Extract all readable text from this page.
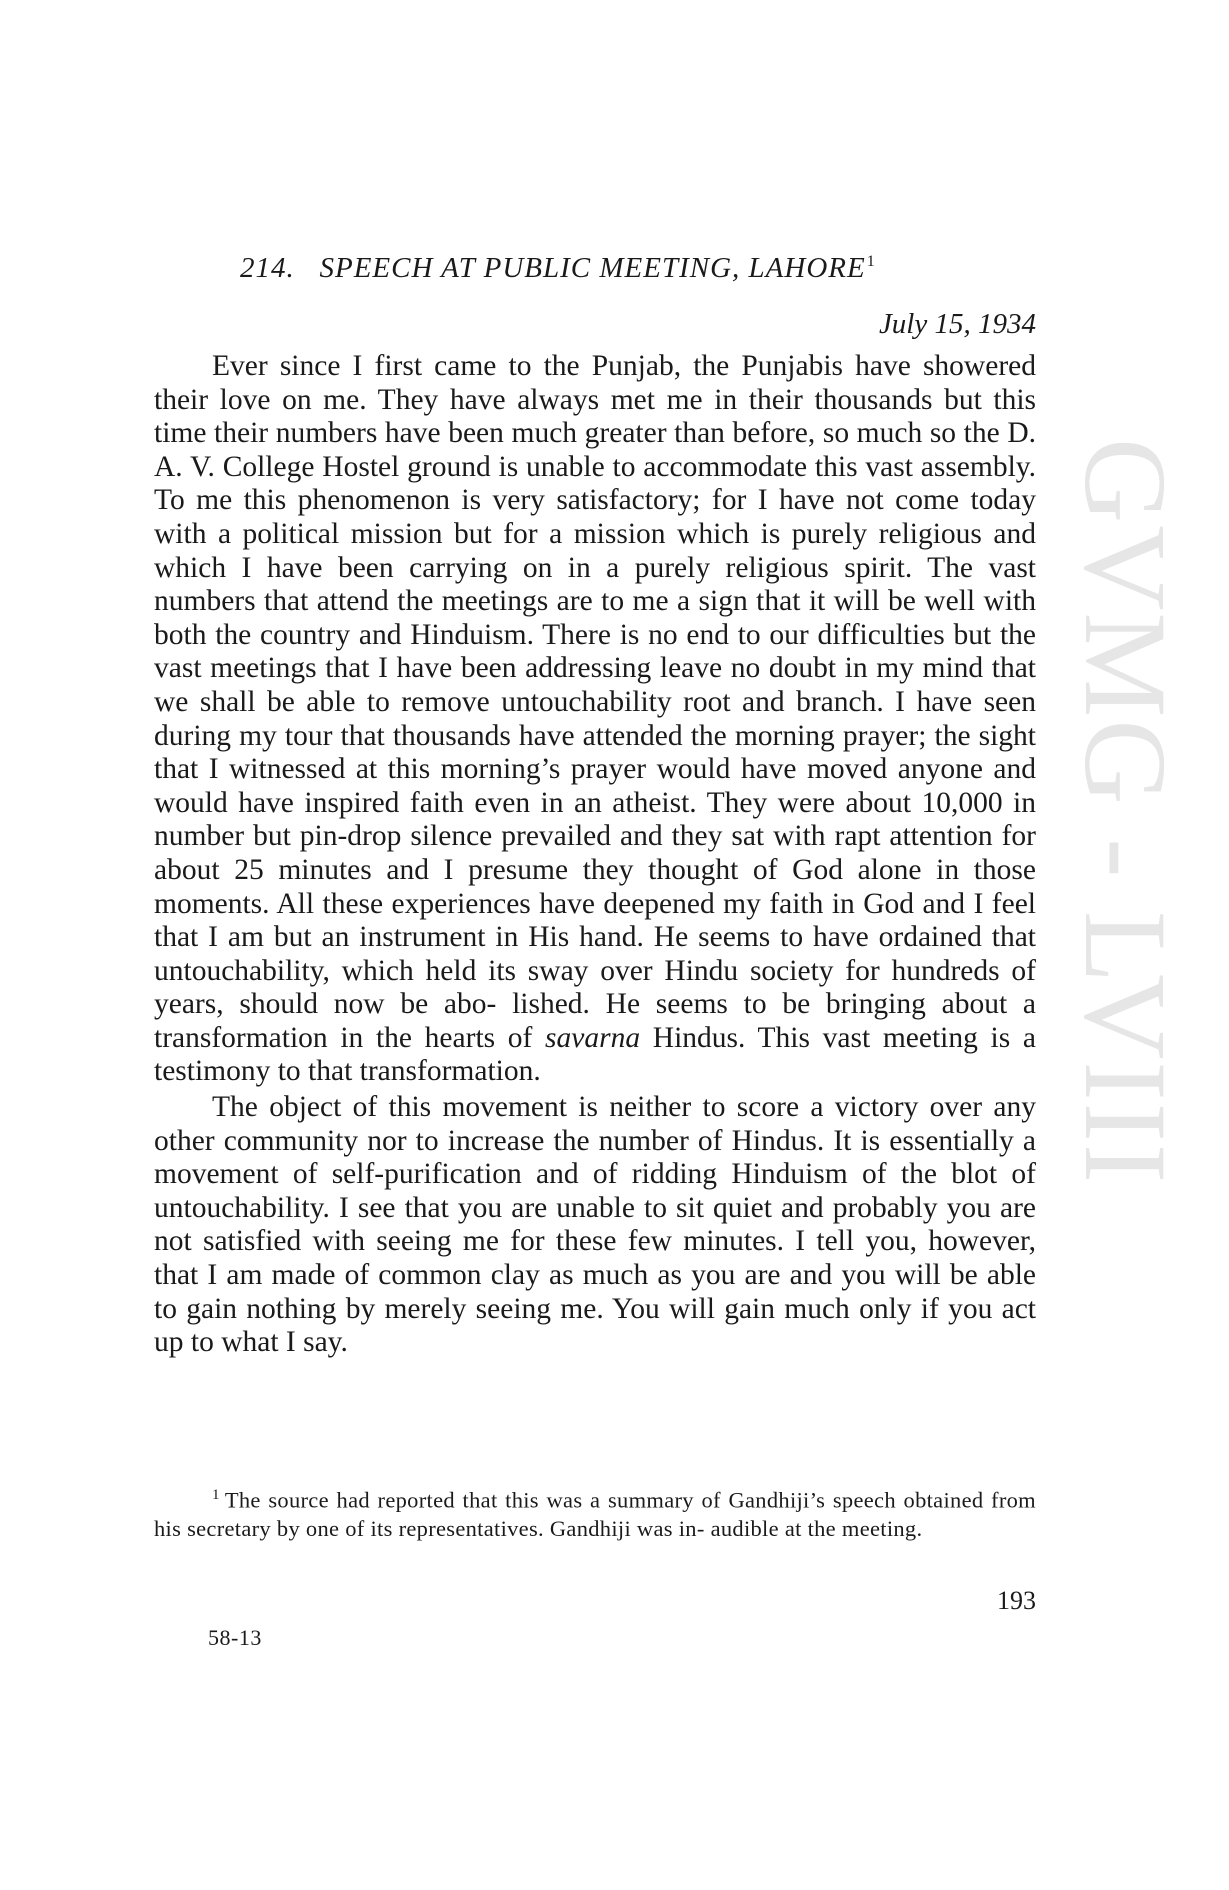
GVMG - LVIII
214. SPEECH AT PUBLIC MEETING, LAHORE$^1$
July 15, 1934

Ever since I first came to the Punjab, the Punjabis have showered their love on me. They have always met me in their thousands but this time their numbers have been much greater than before, so much so the D. A. V. College Hostel ground is unable to accommodate this vast assembly. To me this phenomenon is very satisfactory; for I have not come today with a political mission but for a mission which is purely religious and which I have been carrying on in a purely religious spirit. The vast numbers that attend the meetings are to me a sign that it will be well with both the country and Hinduism. There is no end to our difficulties but the vast meetings that I have been addressing leave no doubt in my mind that we shall be able to remove untouchability root and branch. I have seen during my tour that thousands have attended the morning prayer; the sight that I witnessed at this morning’s prayer would have moved anyone and would have inspired faith even in an atheist. They were about 10,000 in number but pin-drop silence prevailed and they sat with rapt attention for about 25 minutes and I presume they thought of God alone in those moments. All these experiences have deepened my faith in God and I feel that I am but an instrument in His hand. He seems to have ordained that untouchability, which held its sway over Hindu society for hundreds of years, should now be abo- lished. He seems to be bringing about a transformation in the hearts of savarna Hindus. This vast meeting is a testimony to that transformation.

The object of this movement is neither to score a victory over any other community nor to increase the number of Hindus. It is essentially a movement of self-purification and of ridding Hinduism of the blot of untouchability. I see that you are unable to sit quiet and probably you are not satisfied with seeing me for these few minutes. I tell you, however, that I am made of common clay as much as you are and you will be able to gain nothing by merely seeing me. You will gain much only if you act up to what I say.

$^1$ The source had reported that this was a summary of Gandhiji’s speech obtained from his secretary by one of its representatives. Gandhiji was in- audible at the meeting.
193
58-13
